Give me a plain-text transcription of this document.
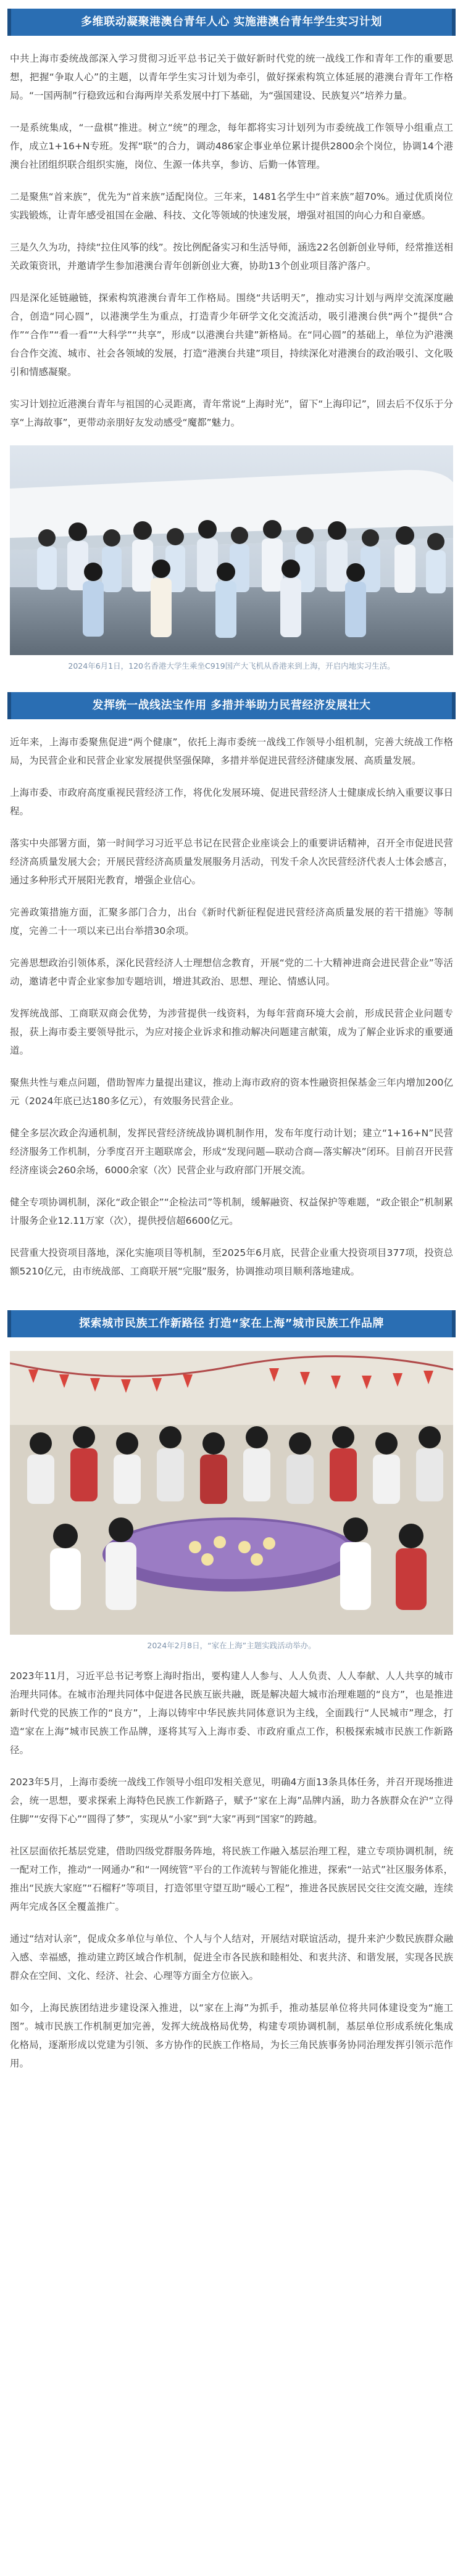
多维联动凝聚港澳台青年人心 实施港澳台青年学生实习计划

中共上海市委统战部深入学习贯彻习近平总书记关于做好新时代党的统一战线工作和青年工作的重要思想，把握“争取人心”的主题，以青年学生实习计划为牵引，做好探索构筑立体延展的港澳台青年工作格局。“一国两制”行稳致远和台海两岸关系发展中打下基础，为“强国建设、民族复兴”培养力量。

一是系统集成，“一盘棋”推进。树立“统”的理念，每年都将实习计划列为市委统战工作领导小组重点工作，成立1+16+N专班。发挥“联”的合力，调动486家企事业单位累计提供2800余个岗位，协调14个港澳台社团组织联合组织实施，岗位、生源一体共享，参访、后勤一体管理。

二是聚焦“首来族”，优先为“首来族”适配岗位。三年来，1481名学生中“首来族”超70%。通过优质岗位实践锻炼，让青年感受祖国在金融、科技、文化等领域的快速发展，增强对祖国的向心力和自豪感。

三是久久为功，持续“拉住风筝的线”。按比例配备实习和生活导师，涵选22名创新创业导师，经常推送相关政策资讯，并邀请学生参加港澳台青年创新创业大赛，协助13个创业项目落沪落户。

四是深化延链融链，探索构筑港澳台青年工作格局。围绕“共话明天”，推动实习计划与两岸交流深度融合，创造“同心圆”，以港澳学生为重点，打造青少年研学文化交流活动，吸引港澳台供“两个”提供“合作”“合作”“看一看”“大科学”“共享”，形成“以港澳台共建”新格局。在“同心圆”的基础上，单位为沪港澳台合作交流、城市、社会各领域的发展，打造“港澳台共建”项目，持续深化对港澳台的政治吸引、文化吸引和情感凝聚。

实习计划拉近港澳台青年与祖国的心灵距离，青年常说“上海时光”，留下“上海印记”，回去后不仅乐于分享“上海故事”，更带动亲朋好友发动感受“魔都”魅力。

2024年6月1日，120名香港大学生乘坐C919国产大飞机从香港来到上海，开启内地实习生活。

发挥统一战线法宝作用 多措并举助力民营经济发展壮大

近年来，上海市委聚焦促进“两个健康”，依托上海市委统一战线工作领导小组机制，完善大统战工作格局，为民营企业和民营企业家发展提供坚强保障，多措并举促进民营经济健康发展、高质量发展。

上海市委、市政府高度重视民营经济工作，将优化发展环境、促进民营经济人士健康成长纳入重要议事日程。

落实中央部署方面，第一时间学习习近平总书记在民营企业座谈会上的重要讲话精神，召开全市促进民营经济高质量发展大会；开展民营经济高质量发展服务月活动，刊发千余人次民营经济代表人士体会感言，通过多种形式开展阳光教育，增强企业信心。

完善政策措施方面，汇聚多部门合力，出台《新时代新征程促进民营经济高质量发展的若干措施》等制度，完善二十一项以来已出台举措30余项。

完善思想政治引领体系，深化民营经济人士理想信念教育，开展“党的二十大精神进商会进民营企业”等活动，邀请老中青企业家参加专题培训，增进其政治、思想、理论、情感认同。

发挥统战部、工商联双商会优势，为涉营提供一线资料，为每年营商环境大会前，形成民营企业问题专报，获上海市委主要领导批示，为应对接企业诉求和推动解决问题建言献策，成为了解企业诉求的重要通道。

聚焦共性与难点问题，借助智库力量提出建议，推动上海市政府的资本性融资担保基金三年内增加200亿元（2024年底已达180多亿元），有效服务民营企业。

健全多层次政企沟通机制，发挥民营经济统战协调机制作用，发布年度行动计划；建立“1+16+N”民营经济服务工作机制，分季度召开主题联席会，形成“发现问题—联动合商—落实解决”闭环。目前召开民营经济座谈会260余场，6000余家（次）民营企业与政府部门开展交流。

健全专项协调机制，深化“政企银企”“企检法司”等机制，缓解融资、权益保护等难题，“政企银企”机制累计服务企业12.11万家（次），提供授信超6600亿元。

民营重大投资项目落地，深化实施项目等机制，至2025年6月底，民营企业重大投资项目377项，投资总额5210亿元，由市统战部、工商联开展“完服”服务，协调推动项目顺利落地建成。

探索城市民族工作新路径 打造“家在上海”城市民族工作品牌

2024年2月8日，“家在上海”主题实践活动举办。

2023年11月，习近平总书记考察上海时指出，要构建人人参与、人人负责、人人奉献、人人共享的城市治理共同体。在城市治理共同体中促进各民族互嵌共融，既是解决超大城市治理难题的“良方”，也是推进新时代党的民族工作的“良方”，上海以铸牢中华民族共同体意识为主线，全面践行“人民城市”理念，打造“家在上海”城市民族工作品牌，逐将其写入上海市委、市政府重点工作，积极探索城市民族工作新路径。

2023年5月，上海市委统一战线工作领导小组印发相关意见，明确4方面13条具体任务，并召开现场推进会，统一思想，要求探索上海特色民族工作新路子，赋予“家在上海”品牌内涵，助力各族群众在沪“立得住脚”“安得下心”“圆得了梦”，实现从“小家”到“大家”再到“国家”的跨越。

社区层面依托基层党建，借助四级党群服务阵地，将民族工作融入基层治理工程，建立专项协调机制，统一配对工作，推动“一网通办”和“一网统管”平台的工作流转与智能化推进，探索“一站式”社区服务体系，推出“民族大家庭”“石榴籽”等项目，打造邻里守望互助“暖心工程”，推进各民族居民交往交流交融，连续两年完成各区全覆盖推广。

通过“结对认亲”，促成众多单位与单位、个人与个人结对，开展结对联谊活动，提升来沪少数民族群众融入感、幸福感，推动建立跨区域合作机制，促进全市各民族和睦相处、和衷共济、和谐发展，实现各民族群众在空间、文化、经济、社会、心理等方面全方位嵌入。

如今，上海民族团结进步建设深入推进，以“家在上海”为抓手，推动基层单位将共同体建设变为“施工图”。城市民族工作机制更加完善，发挥大统战格局优势，构建专项协调机制，基层单位形成系统化集成化格局，逐渐形成以党建为引领、多方协作的民族工作格局，为长三角民族事务协同治理发挥引领示范作用。
